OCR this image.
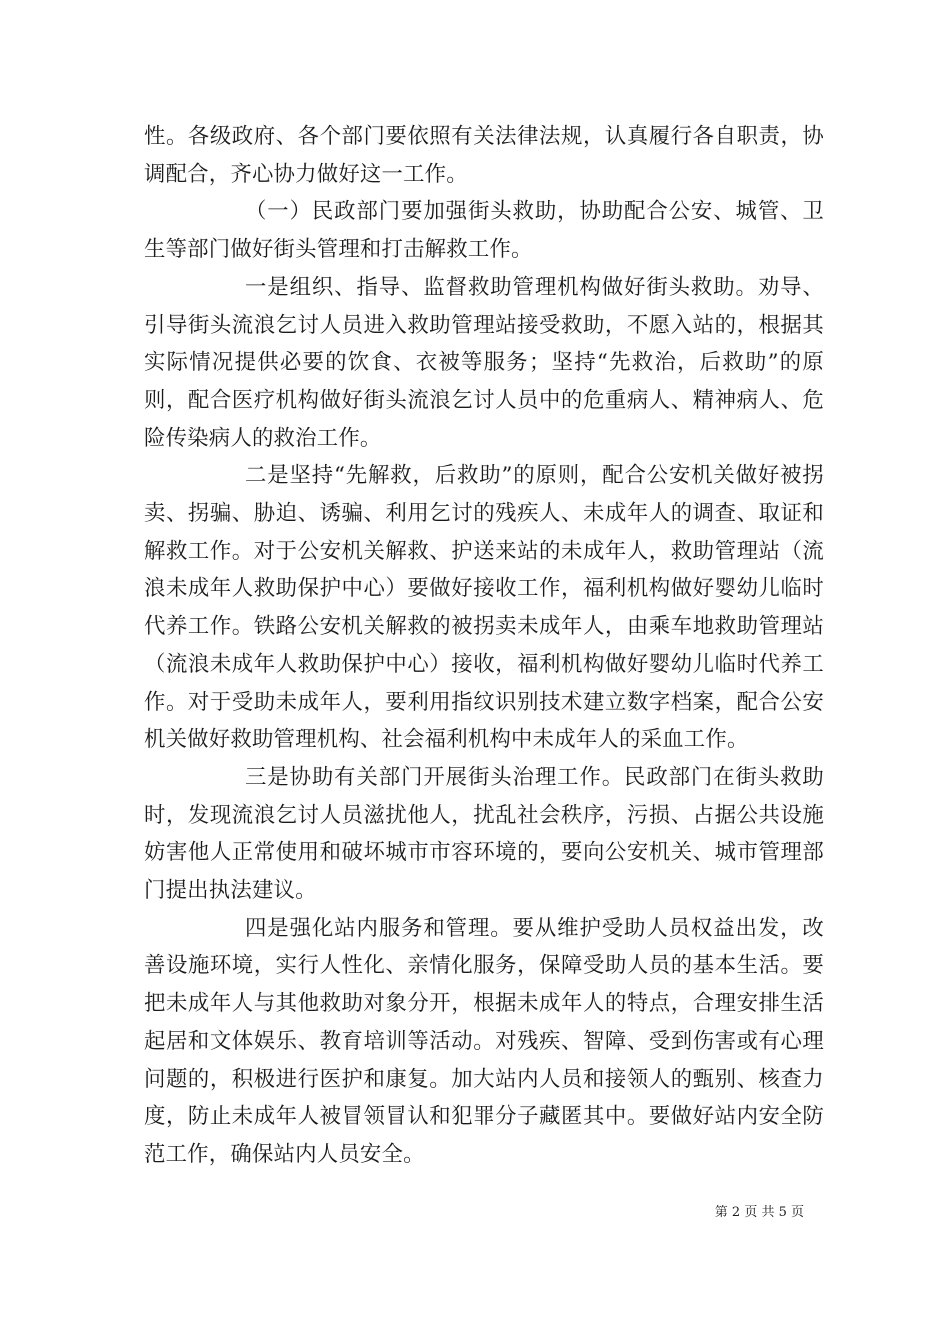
性。各级政府、各个部门要依照有关法律法规，认真履行各自职责，协调配合，齐心协力做好这一工作。

（一）民政部门要加强街头救助，协助配合公安、城管、卫生等部门做好街头管理和打击解救工作。

一是组织、指导、监督救助管理机构做好街头救助。劝导、引导街头流浪乞讨人员进入救助管理站接受救助，不愿入站的，根据其实际情况提供必要的饮食、衣被等服务；坚持“先救治，后救助”的原则，配合医疗机构做好街头流浪乞讨人员中的危重病人、精神病人、危险传染病人的救治工作。

二是坚持“先解救，后救助”的原则，配合公安机关做好被拐卖、拐骗、胁迫、诱骗、利用乞讨的残疾人、未成年人的调查、取证和解救工作。对于公安机关解救、护送来站的未成年人，救助管理站（流浪未成年人救助保护中心）要做好接收工作，福利机构做好婴幼儿临时代养工作。铁路公安机关解救的被拐卖未成年人，由乘车地救助管理站（流浪未成年人救助保护中心）接收，福利机构做好婴幼儿临时代养工作。对于受助未成年人，要利用指纹识别技术建立数字档案，配合公安机关做好救助管理机构、社会福利机构中未成年人的采血工作。

三是协助有关部门开展街头治理工作。民政部门在街头救助时，发现流浪乞讨人员滋扰他人，扰乱社会秩序，污损、占据公共设施妨害他人正常使用和破坏城市市容环境的，要向公安机关、城市管理部门提出执法建议。

四是强化站内服务和管理。要从维护受助人员权益出发，改善设施环境，实行人性化、亲情化服务，保障受助人员的基本生活。要把未成年人与其他救助对象分开，根据未成年人的特点，合理安排生活起居和文体娱乐、教育培训等活动。对残疾、智障、受到伤害或有心理问题的，积极进行医护和康复。加大站内人员和接领人的甄别、核查力度，防止未成年人被冒领冒认和犯罪分子藏匿其中。要做好站内安全防范工作，确保站内人员安全。

第 2 页 共 5 页
